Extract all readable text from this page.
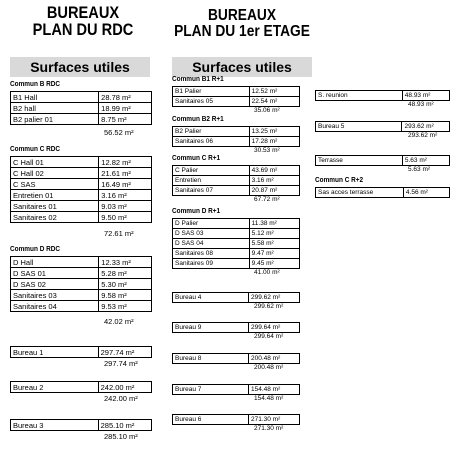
BUREAUX
PLAN DU RDC
Surfaces utiles
BUREAUX
PLAN DU 1er ETAGE
Surfaces utiles
Commun B RDC
B1 Hall	28.78 m²
B2 hall	18.99 m²
B2 palier 01	8.75 m²
56.52 m²
Commun C RDC
C Hall 01	12.82 m²
C Hall 02	21.61 m²
C SAS	16.49 m²
Entretien 01	3.16 m²
Sanitaires 01	9.03 m²
Sanitaires 02	9.50 m²
72.61 m²
Commun D RDC
D Hall	12.33 m²
D SAS 01	5.28 m²
D SAS 02	5.30 m²
Sanitaires 03	9.58 m²
Sanitaires 04	9.53 m²
42.02 m²
Bureau 1	297.74 m²
297.74 m²
Bureau 2	242.00 m²
242.00 m²
Bureau 3	285.10 m²
285.10 m²
Commun B1 R+1
B1 Palier	12.52 m²
Sanitaires 05	22.54 m²
35.06 m²
Commun B2 R+1
B2 Palier	13.25 m²
Sanitaires 06	17.28 m²
30.53 m²
Commun C R+1
C Palier	43.69 m²
Entretien	3.16 m²
Sanitaires 07	20.87 m²
67.72 m²
Commun D R+1
D Palier	11.38 m²
D SAS 03	5.12 m²
D SAS 04	5.58 m²
Sanitaires 08	9.47 m²
Sanitaires 09	9.45 m²
41.00 m²
Bureau 4	299.62 m²
299.62 m²
Bureau 9	299.64 m²
299.64 m²
Bureau 8	200.48 m²
200.48 m²
Bureau 7	154.48 m²
154.48 m²
Bureau 6	271.30 m²
271.30 m²
S. reunion	48.93 m²
48.93 m²
Bureau 5	293.62 m²
293.62 m²
Terrasse	5.63 m²
5.63 m²
Commun C R+2
Sas acces terrasse	4.56 m²
